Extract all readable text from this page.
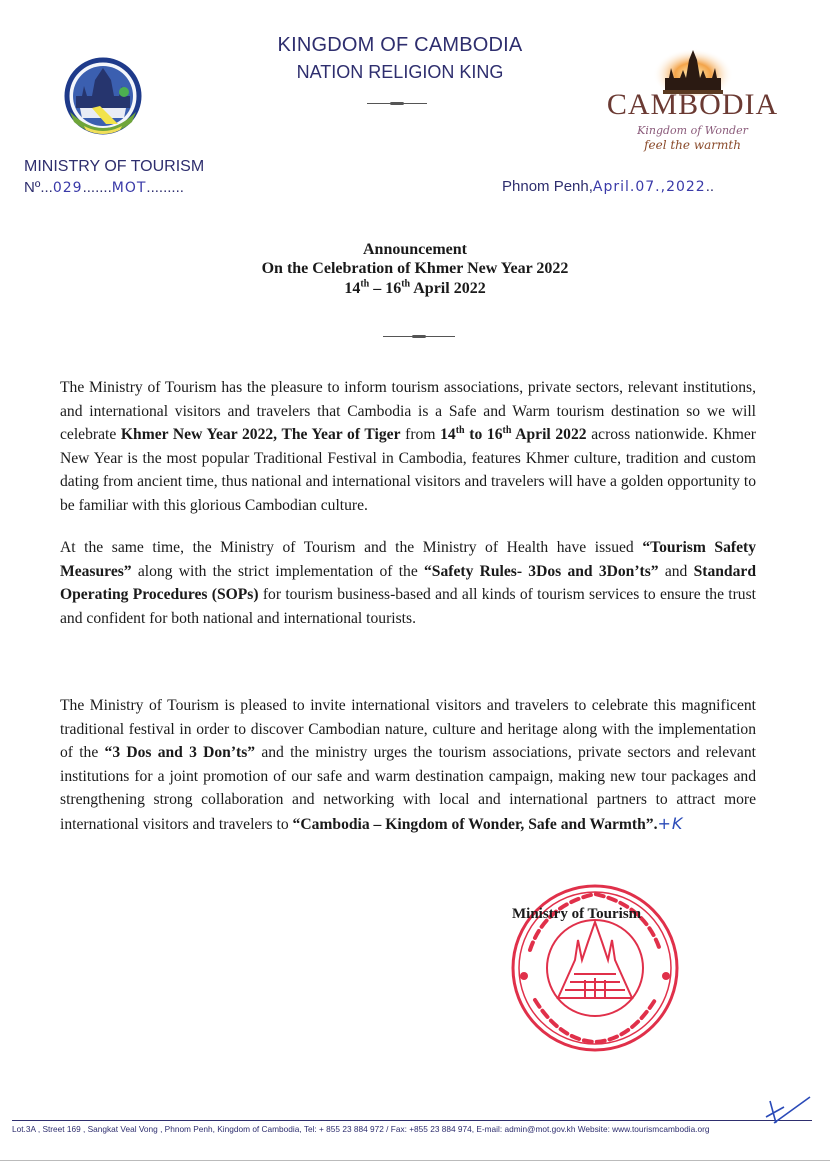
KINGDOM OF CAMBODIA
NATION RELIGION KING
CAMBODIA
Kingdom of Wonder
feel the warmth
MINISTRY OF TOURISM
Nº...029.......MOT.........	Phnom Penh,April.07.,2022..
Announcement
On the Celebration of Khmer New Year 2022
14th – 16th April 2022
The Ministry of Tourism has the pleasure to inform tourism associations, private sectors, relevant institutions, and international visitors and travelers that Cambodia is a Safe and Warm tourism destination so we will celebrate Khmer New Year 2022, The Year of Tiger from 14th to 16th April 2022 across nationwide. Khmer New Year is the most popular Traditional Festival in Cambodia, features Khmer culture, tradition and custom dating from ancient time, thus national and international visitors and travelers will have a golden opportunity to be familiar with this glorious Cambodian culture.
At the same time, the Ministry of Tourism and the Ministry of Health have issued “Tourism Safety Measures” along with the strict implementation of the “Safety Rules- 3Dos and 3Don’ts” and Standard Operating Procedures (SOPs) for tourism business-based and all kinds of tourism services to ensure the trust and confident for both national and international tourists.
The Ministry of Tourism is pleased to invite international visitors and travelers to celebrate this magnificent traditional festival in order to discover Cambodian nature, culture and heritage along with the implementation of the “3 Dos and 3 Don’ts” and the ministry urges the tourism associations, private sectors and relevant institutions for a joint promotion of our safe and warm destination campaign, making new tour packages and strengthening strong collaboration and networking with local and international partners to attract more international visitors and travelers to “Cambodia – Kingdom of Wonder, Safe and Warmth”.+K
Ministry of Tourism
Lot.3A , Street 169 , Sangkat Veal Vong , Phnom Penh, Kingdom of Cambodia, Tel: + 855 23 884 972 / Fax: +855 23 884 974, E-mail: admin@mot.gov.kh Website: www.tourismcambodia.org
